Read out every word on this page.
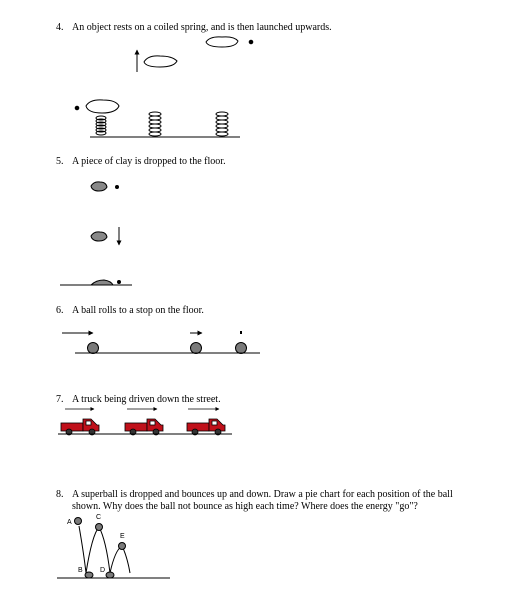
4. An object rests on a coiled spring, and is then launched upwards.
5. A piece of clay is dropped to the floor.
6. A ball rolls to a stop on the floor.
7. A truck being driven down the street.
8. A superball is dropped and bounces up and down. Draw a pie chart for each position of the ball
shown. Why does the ball not bounce as high each time? Where does the energy "go"?
A
C
E
B D
